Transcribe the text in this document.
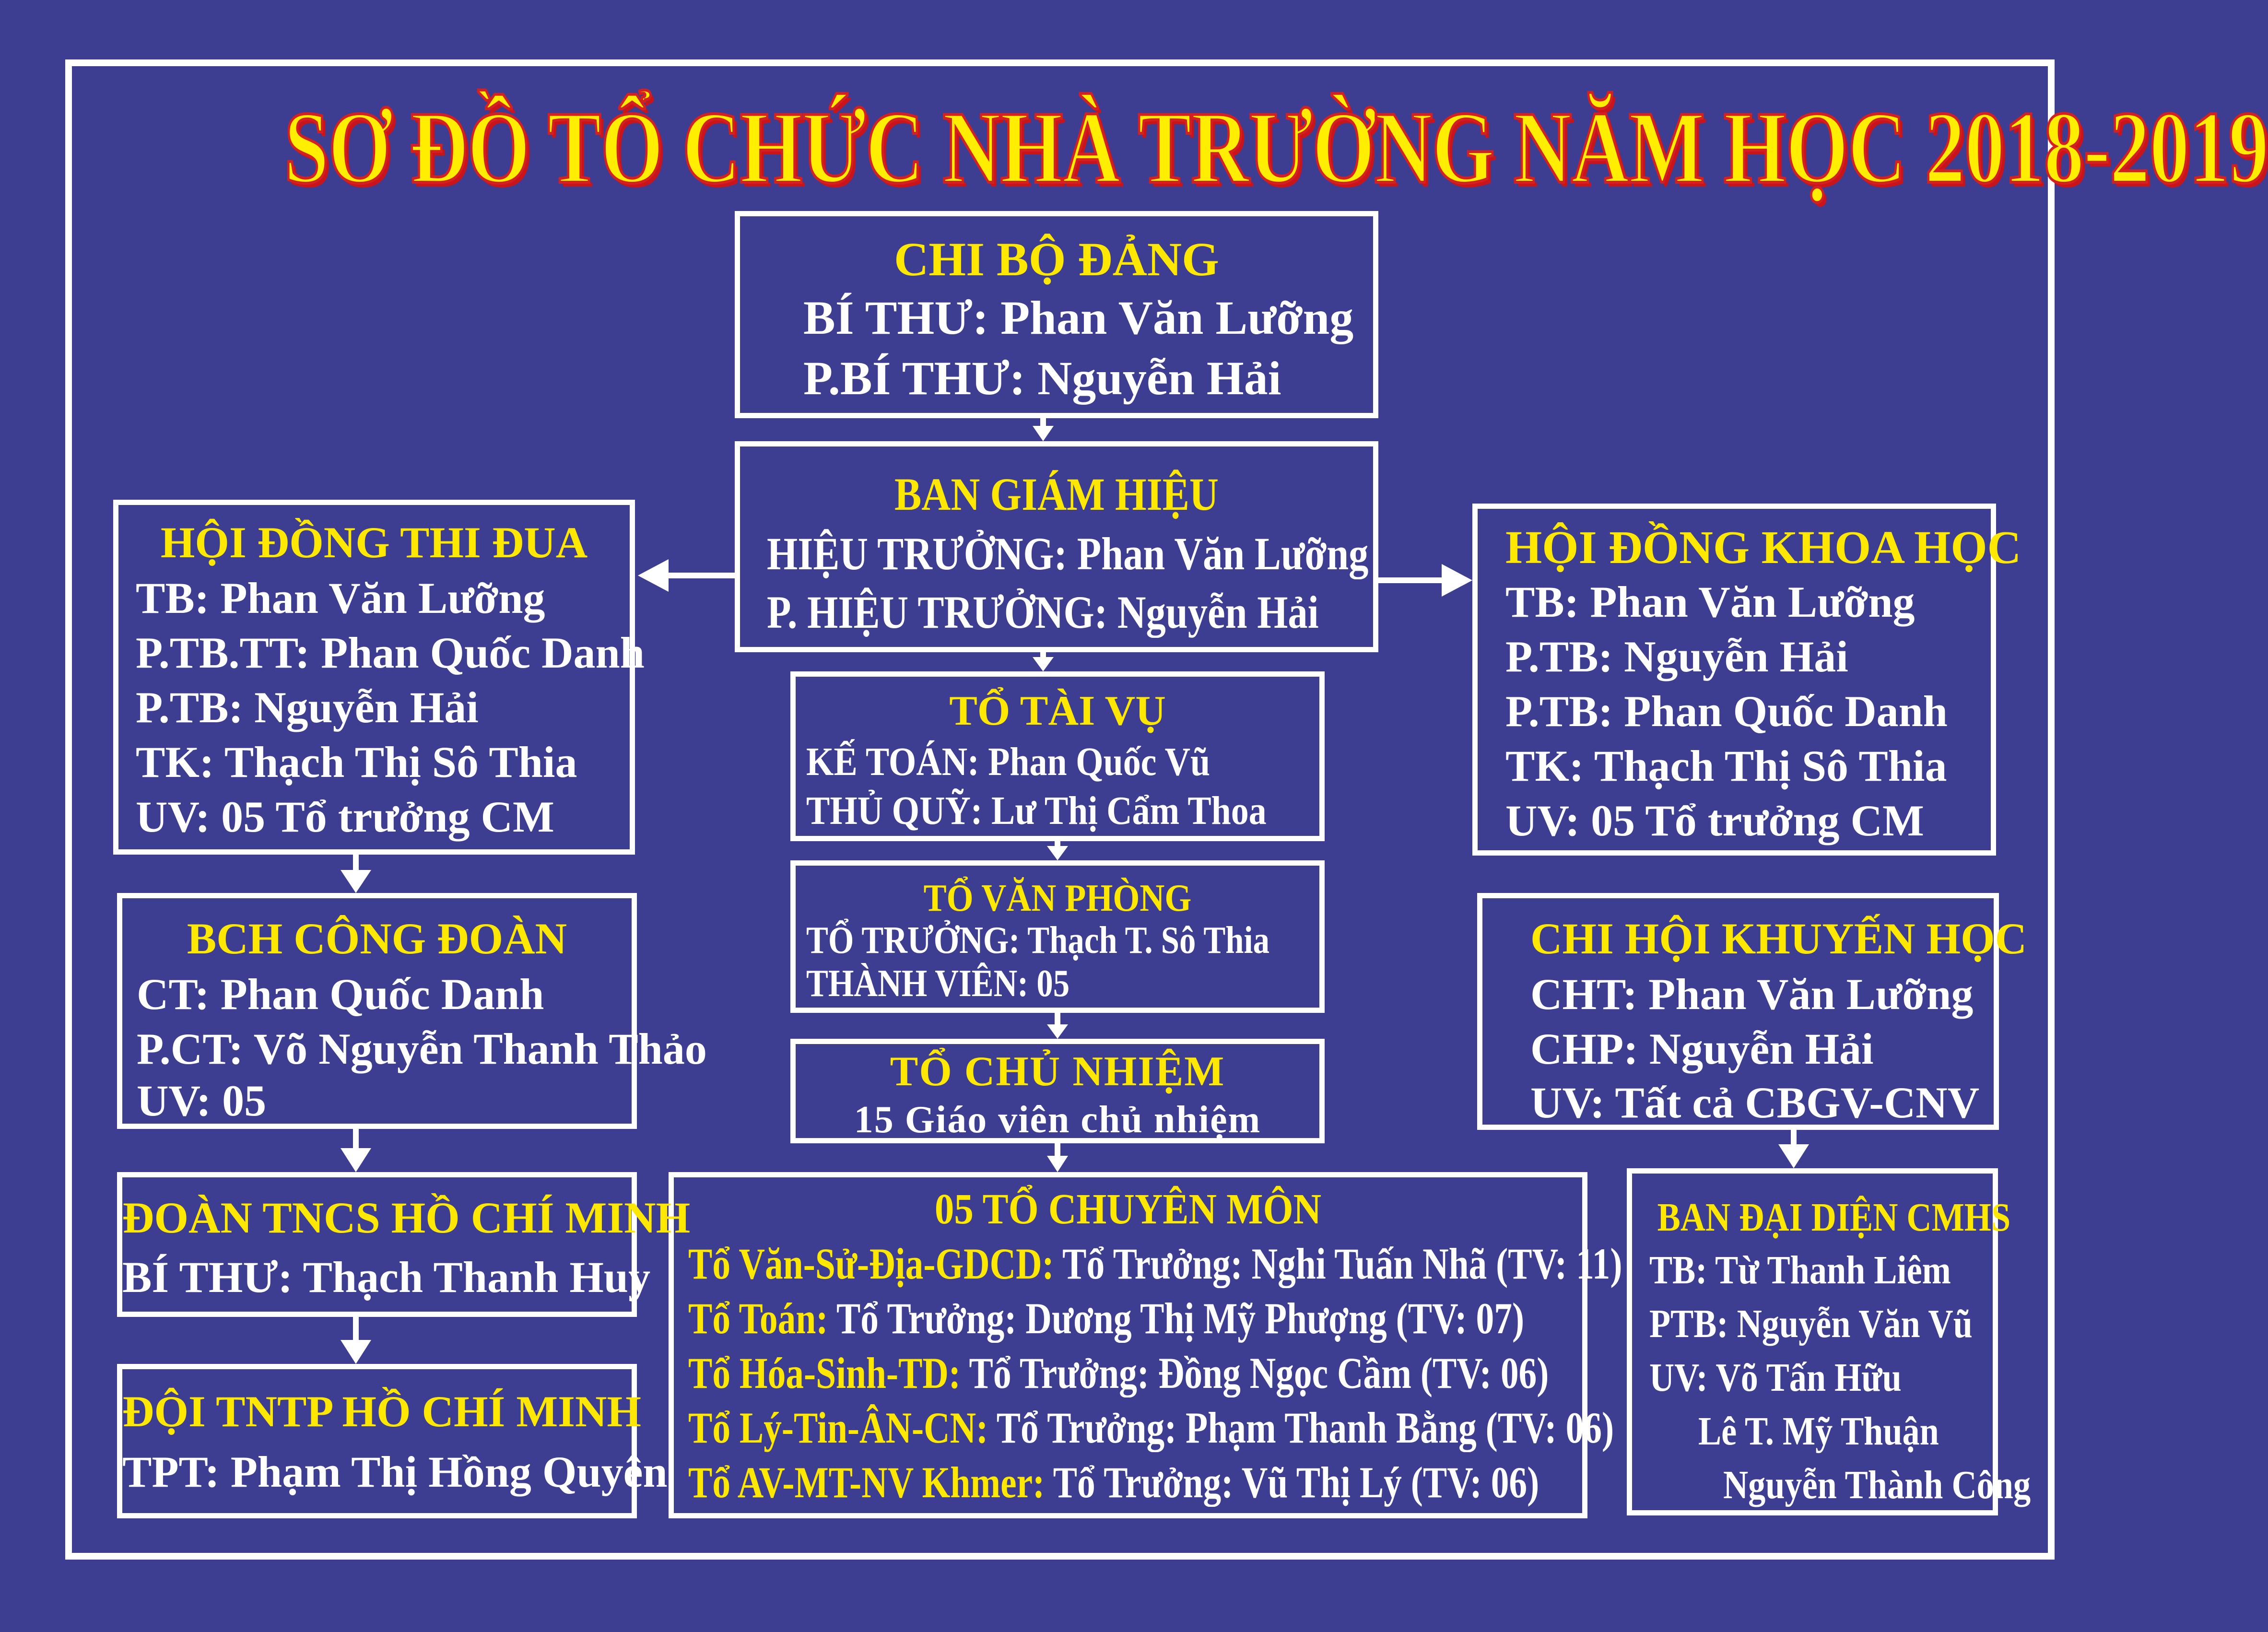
SƠ ĐỒ TỔ CHỨC NHÀ TRƯỜNG NĂM HỌC 2018-2019
CHI BỘ ĐẢNG
BÍ THƯ: Phan Văn Lưỡng
P.BÍ THƯ: Nguyễn Hải
BAN GIÁM HIỆU
HIỆU TRƯỞNG: Phan Văn Lưỡng
P. HIỆU TRƯỞNG: Nguyễn Hải
TỔ TÀI VỤ
KẾ TOÁN: Phan Quốc Vũ
THỦ QUỸ: Lư Thị Cẩm Thoa
TỔ VĂN PHÒNG
TỔ TRƯỞNG: Thạch T. Sô Thia
THÀNH VIÊN: 05
TỔ CHỦ NHIỆM
15 Giáo viên chủ nhiệm
05 TỔ CHUYÊN MÔN
Tổ Văn-Sử-Địa-GDCD: Tổ Trưởng: Nghi Tuấn Nhã (TV: 11)
Tổ Toán: Tổ Trưởng: Dương Thị Mỹ Phượng (TV: 07)
Tổ Hóa-Sinh-TD: Tổ Trưởng: Đồng Ngọc Cầm (TV: 06)
Tổ Lý-Tin-ÂN-CN: Tổ Trưởng: Phạm Thanh Bằng (TV: 06)
Tổ AV-MT-NV Khmer: Tổ Trưởng: Vũ Thị Lý (TV: 06)
HỘI ĐỒNG THI ĐUA
TB: Phan Văn Lưỡng
P.TB.TT: Phan Quốc Danh
P.TB: Nguyễn Hải
TK: Thạch Thị Sô Thia
UV: 05 Tổ trưởng CM
BCH CÔNG ĐOÀN
CT: Phan Quốc Danh
P.CT: Võ Nguyễn Thanh Thảo
UV: 05
ĐOÀN TNCS HỒ CHÍ MINH
BÍ THƯ: Thạch Thanh Huy
ĐỘI TNTP HỒ CHÍ MINH
TPT: Phạm Thị Hồng Quyên
HỘI ĐỒNG KHOA HỌC
TB: Phan Văn Lưỡng
P.TB: Nguyễn Hải
P.TB: Phan Quốc Danh
TK: Thạch Thị Sô Thia
UV: 05 Tổ trưởng CM
CHI HỘI KHUYẾN HỌC
CHT: Phan Văn Lưỡng
CHP: Nguyễn Hải
UV: Tất cả CBGV-CNV
BAN ĐẠI DIỆN CMHS
TB: Từ Thanh Liêm
PTB: Nguyễn Văn Vũ
UV: Võ Tấn Hữu
Lê T. Mỹ Thuận
Nguyễn Thành Công
